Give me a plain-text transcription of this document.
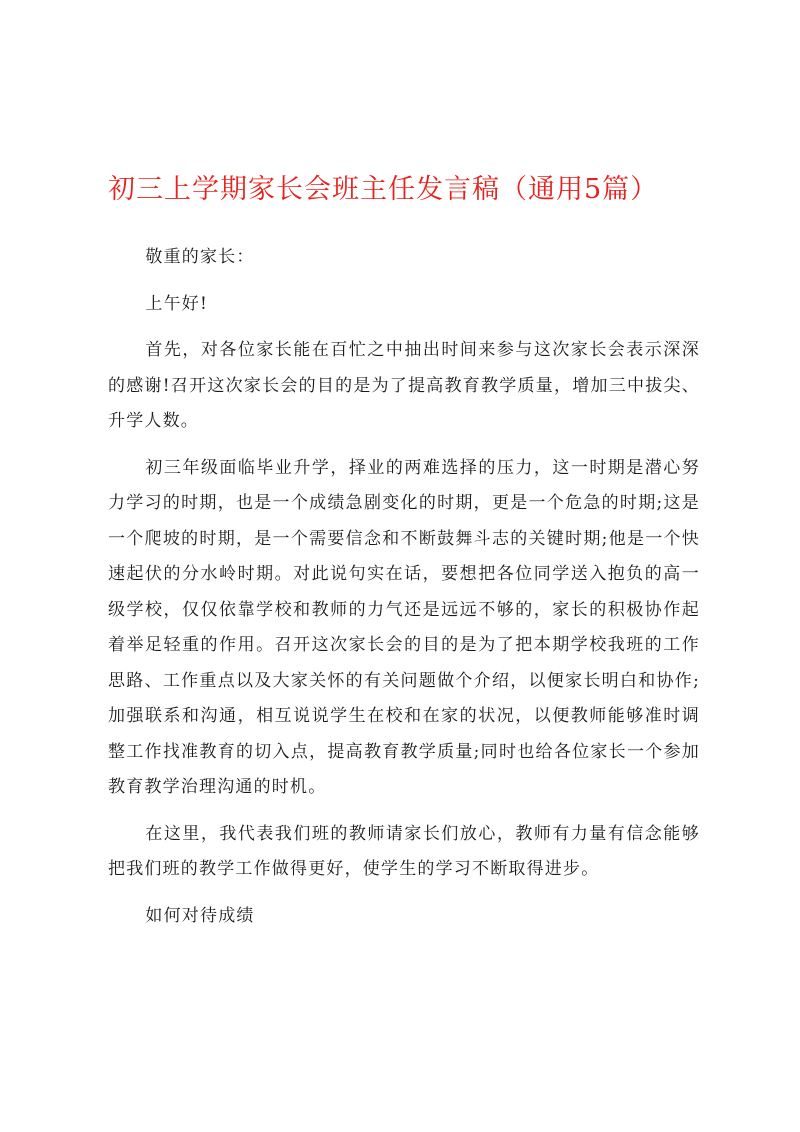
初三上学期家长会班主任发言稿（通用5篇）

敬重的家长：

上午好!

首先，对各位家长能在百忙之中抽出时间来参与这次家长会表示深深的感谢!召开这次家长会的目的是为了提高教育教学质量，增加三中拔尖、升学人数。

初三年级面临毕业升学，择业的两难选择的压力，这一时期是潜心努力学习的时期，也是一个成绩急剧变化的时期，更是一个危急的时期;这是一个爬坡的时期，是一个需要信念和不断鼓舞斗志的关键时期;他是一个快速起伏的分水岭时期。对此说句实在话，要想把各位同学送入抱负的高一级学校，仅仅依靠学校和教师的力气还是远远不够的，家长的积极协作起着举足轻重的作用。召开这次家长会的目的是为了把本期学校我班的工作思路、工作重点以及大家关怀的有关问题做个介绍，以便家长明白和协作;加强联系和沟通，相互说说学生在校和在家的状况，以便教师能够准时调整工作找准教育的切入点，提高教育教学质量;同时也给各位家长一个参加教育教学治理沟通的时机。

在这里，我代表我们班的教师请家长们放心，教师有力量有信念能够把我们班的教学工作做得更好，使学生的学习不断取得进步。

如何对待成绩
